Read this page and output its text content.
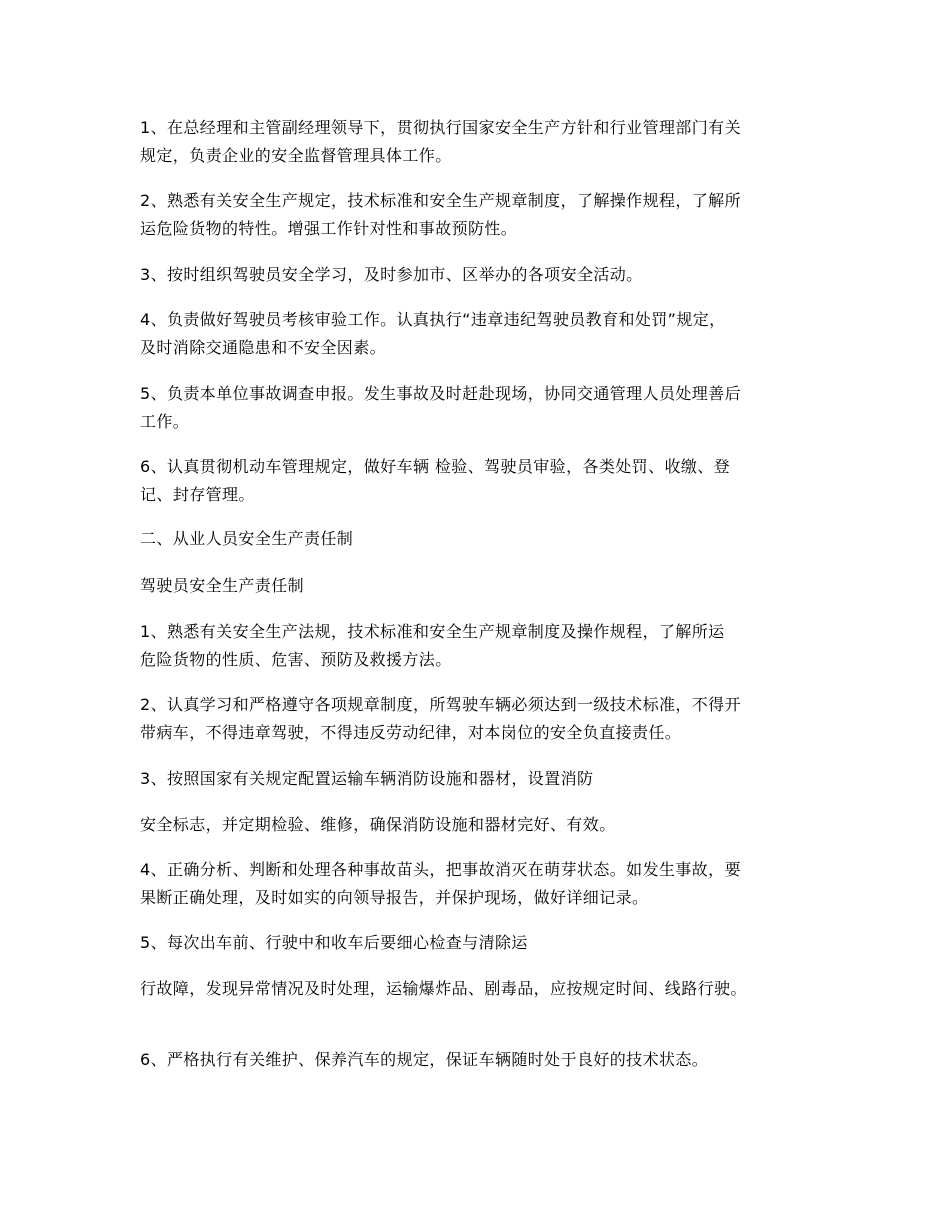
1、在总经理和主管副经理领导下，贯彻执行国家安全生产方针和行业管理部门有关
规定，负责企业的安全监督管理具体工作。

2、熟悉有关安全生产规定，技术标准和安全生产规章制度，了解操作规程，了解所
运危险货物的特性。增强工作针对性和事故预防性。

3、按时组织驾驶员安全学习，及时参加市、区举办的各项安全活动。

4、负责做好驾驶员考核审验工作。认真执行“违章违纪驾驶员教育和处罚”规定，
及时消除交通隐患和不安全因素。

5、负责本单位事故调查申报。发生事故及时赶赴现场，协同交通管理人员处理善后
工作。

6、认真贯彻机动车管理规定，做好车辆 检验、驾驶员审验，各类处罚、收缴、登
记、封存管理。

二、从业人员安全生产责任制

驾驶员安全生产责任制

1、熟悉有关安全生产法规，技术标准和安全生产规章制度及操作规程，了解所运
危险货物的性质、危害、预防及救援方法。

2、认真学习和严格遵守各项规章制度，所驾驶车辆必须达到一级技术标准，不得开
带病车，不得违章驾驶，不得违反劳动纪律，对本岗位的安全负直接责任。

3、按照国家有关规定配置运输车辆消防设施和器材，设置消防

安全标志，并定期检验、维修，确保消防设施和器材完好、有效。

4、正确分析、判断和处理各种事故苗头，把事故消灭在萌芽状态。如发生事故，要
果断正确处理，及时如实的向领导报告，并保护现场，做好详细记录。

5、每次出车前、行驶中和收车后要细心检查与清除运

行故障，发现异常情况及时处理，运输爆炸品、剧毒品，应按规定时间、线路行驶。

6、严格执行有关维护、保养汽车的规定，保证车辆随时处于良好的技术状态。
